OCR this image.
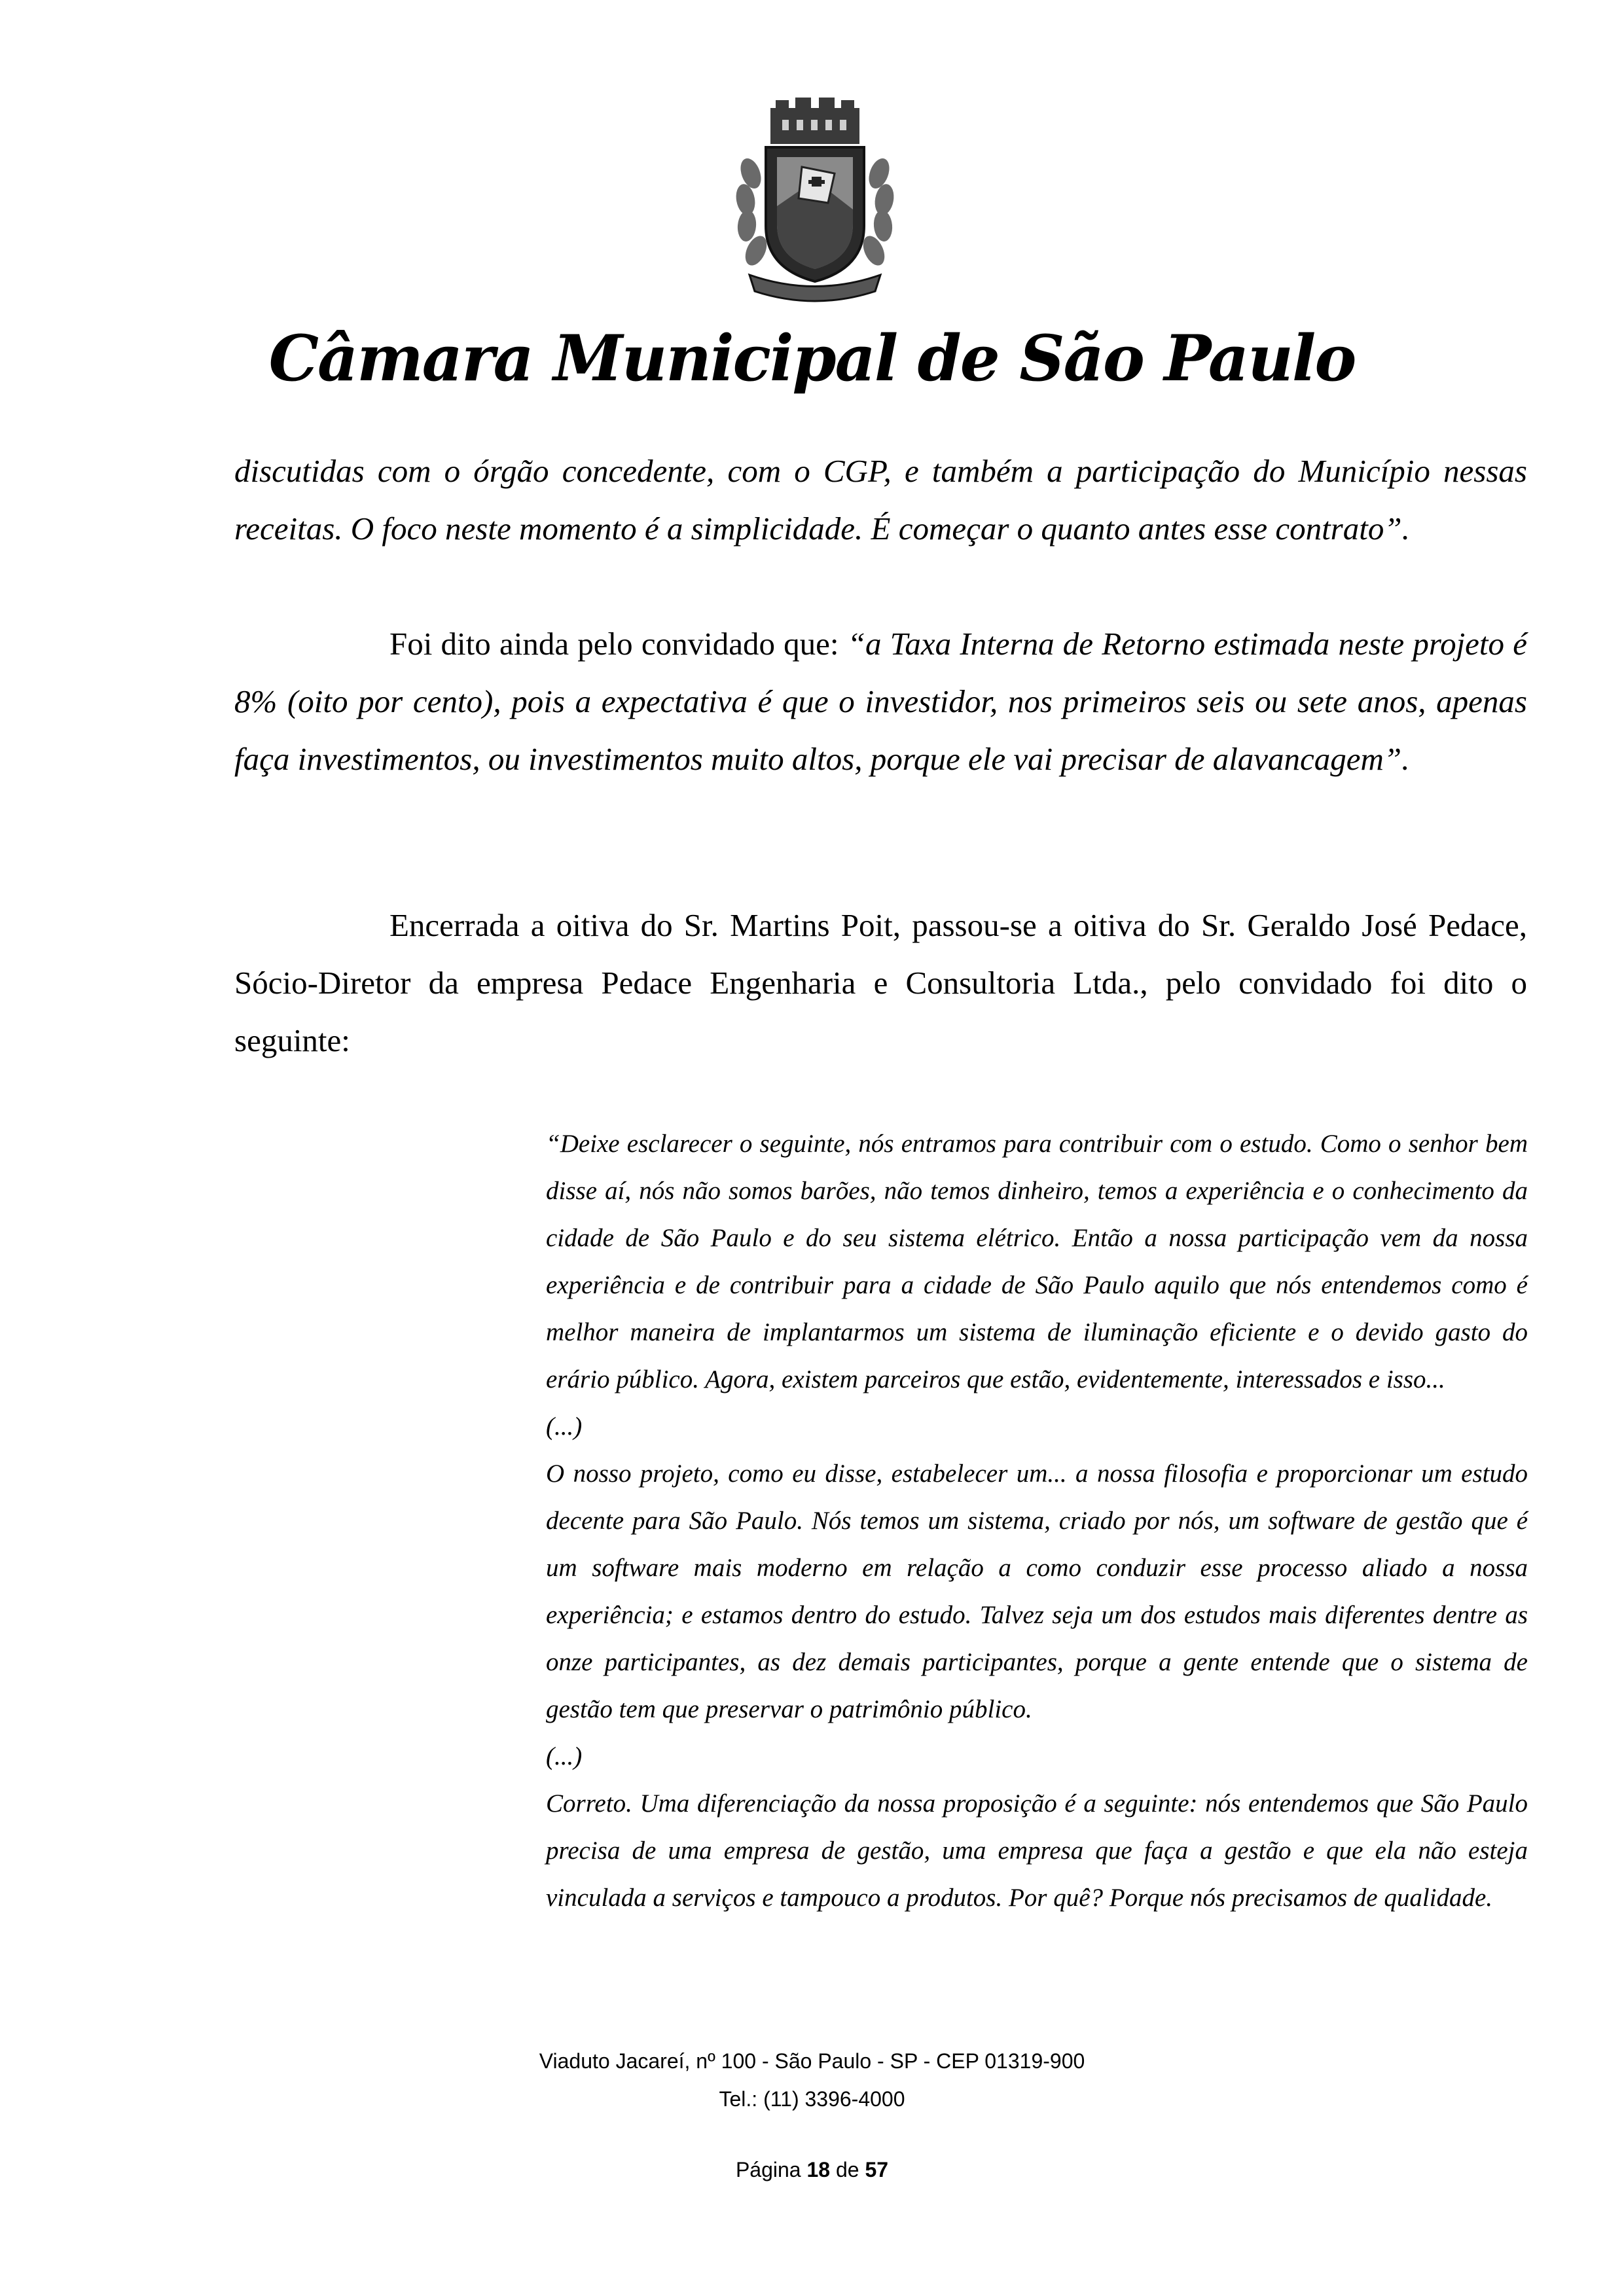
Câmara Municipal de São Paulo

discutidas com o órgão concedente, com o CGP, e também a participação do Município nessas receitas. O foco neste momento é a simplicidade. É começar o quanto antes esse contrato”.

Foi dito ainda pelo convidado que: “a Taxa Interna de Retorno estimada neste projeto é 8% (oito por cento), pois a expectativa é que o investidor, nos primeiros seis ou sete anos, apenas faça investimentos, ou investimentos muito altos, porque ele vai precisar de alavancagem”.

Encerrada a oitiva do Sr. Martins Poit, passou-se a oitiva do Sr. Geraldo José Pedace, Sócio-Diretor da empresa Pedace Engenharia e Consultoria Ltda., pelo convidado foi dito o seguinte:

“Deixe esclarecer o seguinte, nós entramos para contribuir com o estudo. Como o senhor bem disse aí, nós não somos barões, não temos dinheiro, temos a experiência e o conhecimento da cidade de São Paulo e do seu sistema elétrico. Então a nossa participação vem da nossa experiência e de contribuir para a cidade de São Paulo aquilo que nós entendemos como é melhor maneira de implantarmos um sistema de iluminação eficiente e o devido gasto do erário público. Agora, existem parceiros que estão, evidentemente, interessados e isso...

(...)

O nosso projeto, como eu disse, estabelecer um... a nossa filosofia e proporcionar um estudo decente para São Paulo. Nós temos um sistema, criado por nós, um software de gestão que é um software mais moderno em relação a como conduzir esse processo aliado a nossa experiência; e estamos dentro do estudo. Talvez seja um dos estudos mais diferentes dentre as onze participantes, as dez demais participantes, porque a gente entende que o sistema de gestão tem que preservar o patrimônio público.

(...)

Correto. Uma diferenciação da nossa proposição é a seguinte: nós entendemos que São Paulo precisa de uma empresa de gestão, uma empresa que faça a gestão e que ela não esteja vinculada a serviços e tampouco a produtos. Por quê? Porque nós precisamos de qualidade.

Viaduto Jacareí, nº 100 - São Paulo - SP - CEP 01319-900
Tel.: (11) 3396-4000
Página 18 de 57
